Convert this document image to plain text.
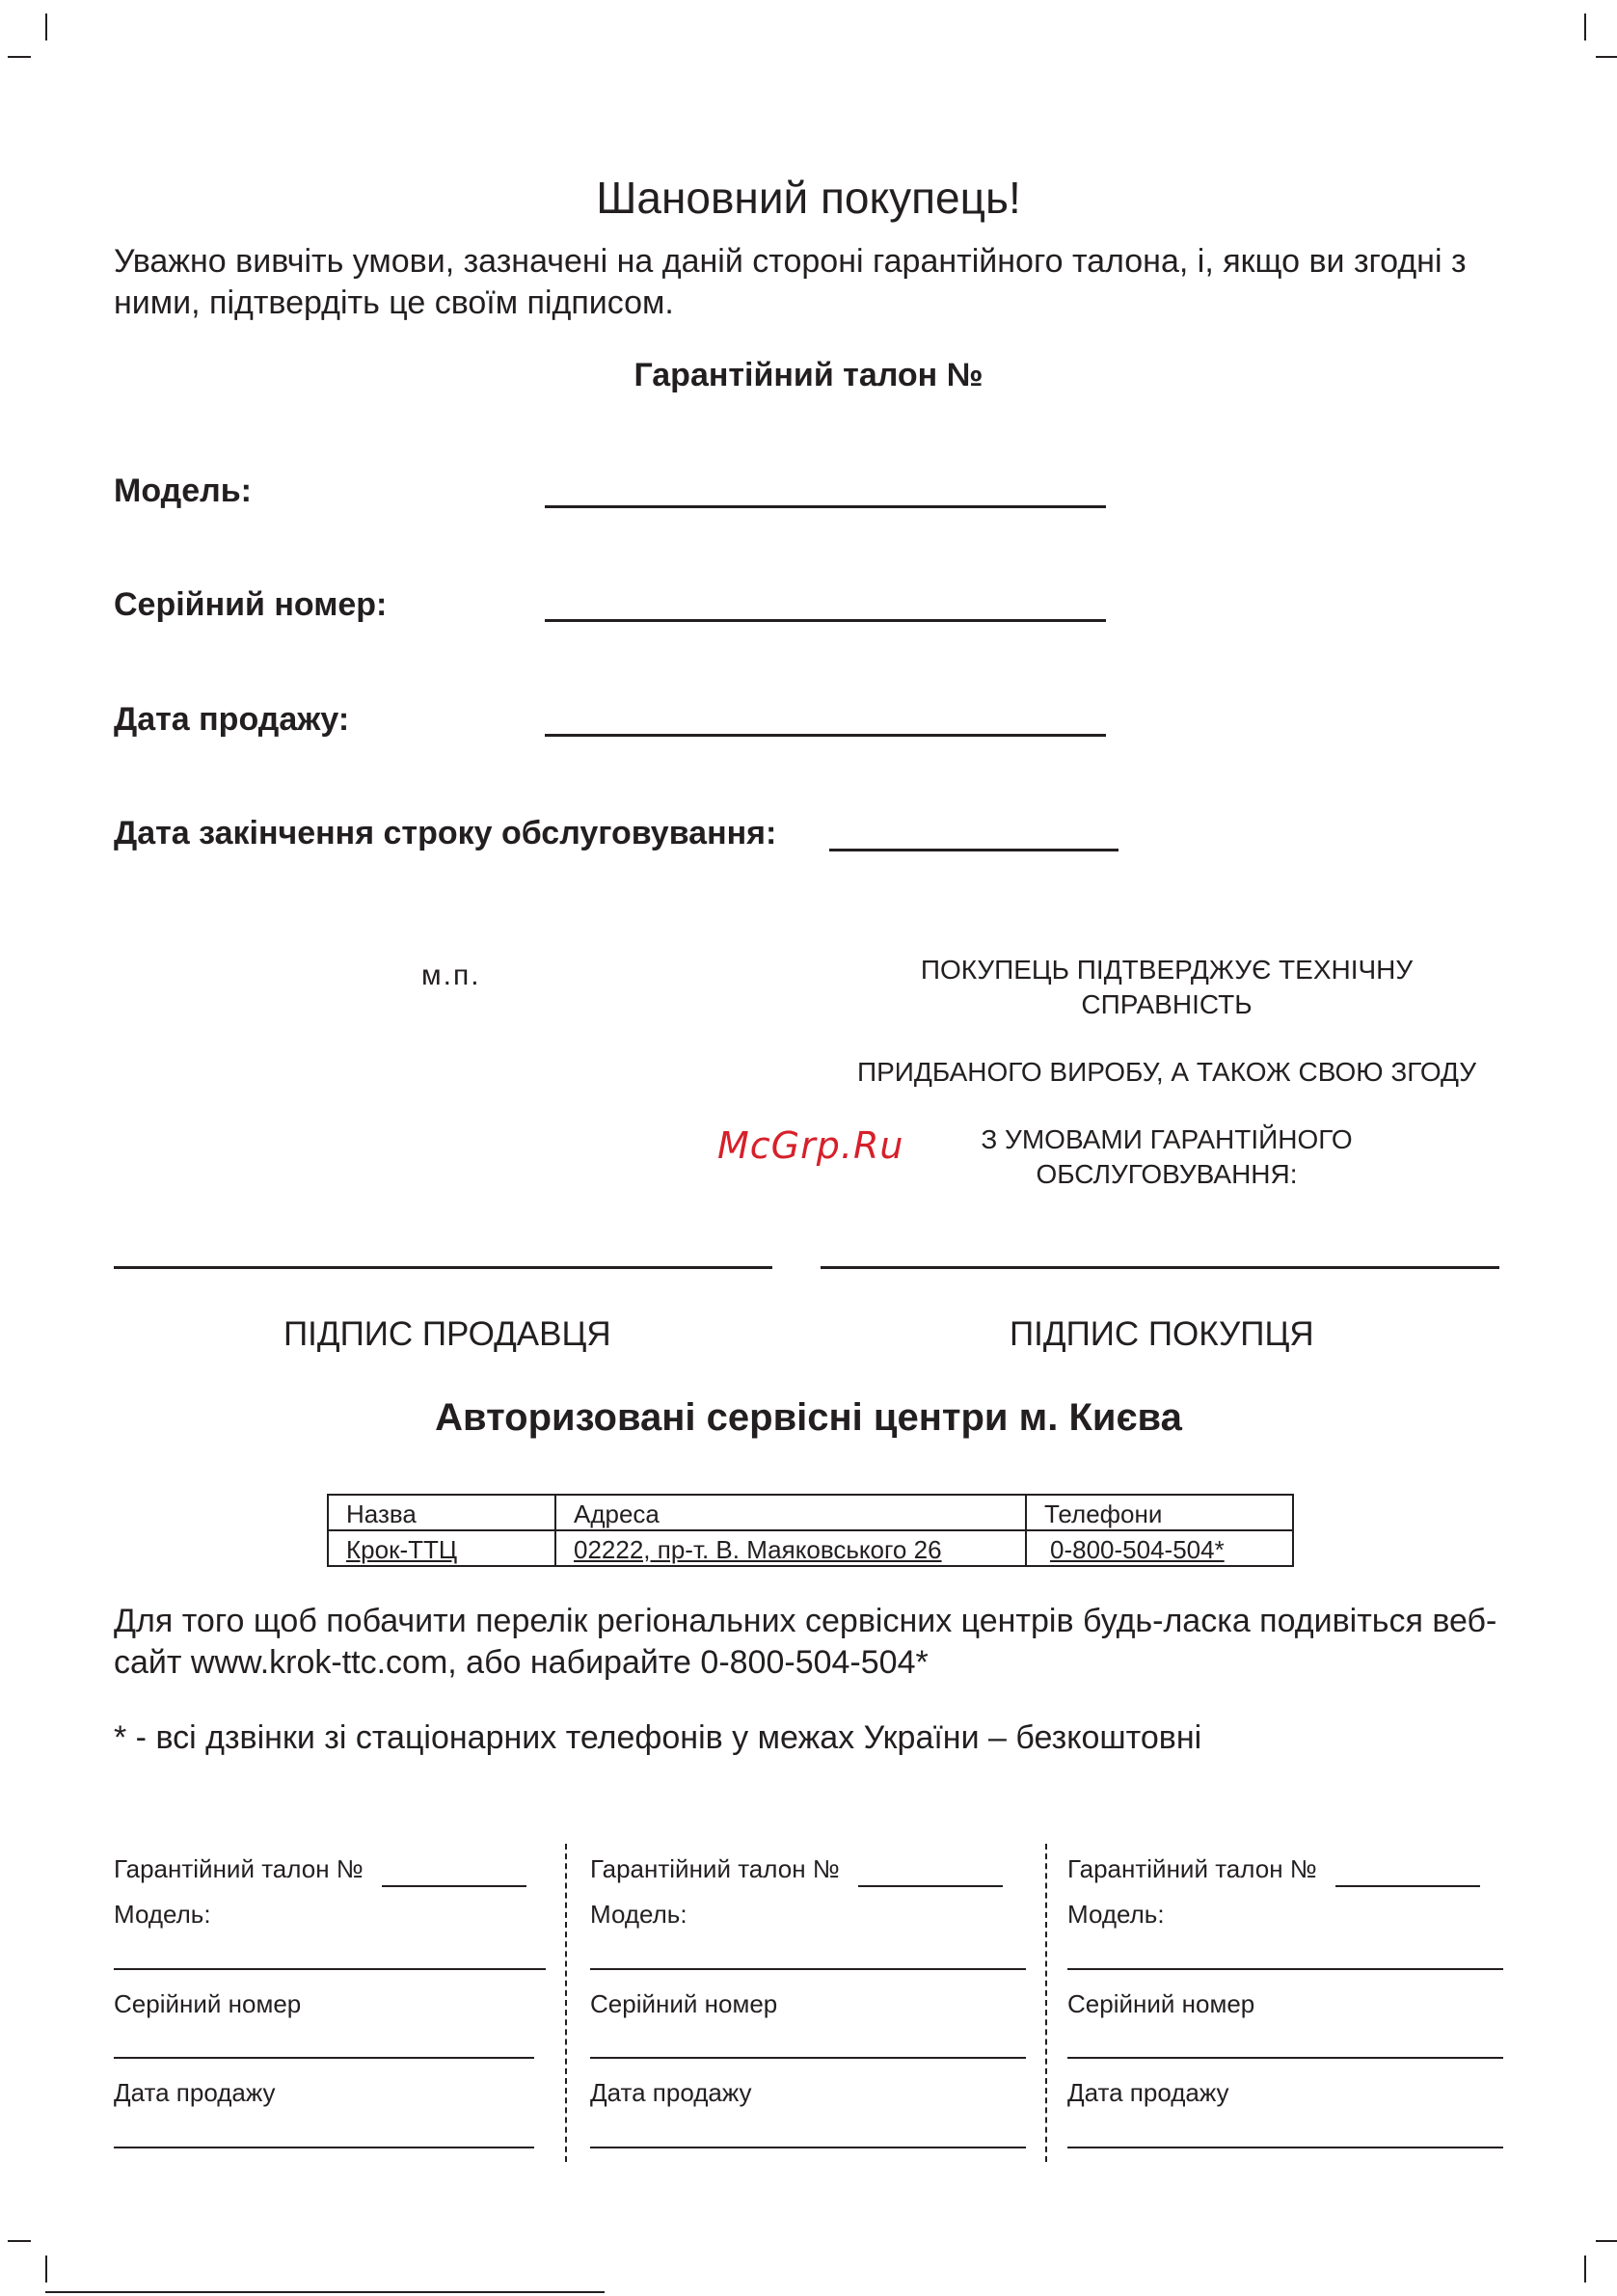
Шановний покупець!
Уважно вивчіть умови, зазначені на даній стороні гарантійного талона, і, якщо ви згодні з ними, підтвердіть це своїм підписом.
Гарантійний талон №
Модель:
Серійний номер:
Дата продажу:
Дата закінчення строку обслуговування:
м.п.	ПОКУПЕЦЬ ПІДТВЕРДЖУЄ ТЕХНІЧНУ
СПРАВНІСТЬ
ПРИДБАНОГО ВИРОБУ, А ТАКОЖ СВОЮ ЗГОДУ
З УМОВАМИ ГАРАНТІЙНОГО
ОБСЛУГОВУВАННЯ:
McGrp.Ru
ПІДПИС ПРОДАВЦЯ	ПІДПИС ПОКУПЦЯ
Авторизовані сервісні центри м. Києва
Назва	Адреса	Телефони
Крок-ТТЦ	02222, пр-т. В. Маяковського 26	0-800-504-504*
Для того щоб побачити перелік регіональних сервісних центрів будь-ласка подивіться веб-сайт www.krok-ttc.com, або набирайте 0-800-504-504*
* - всі дзвінки зі стаціонарних телефонів у межах України – безкоштовні
Гарантійний талон №
Модель:
Серійний номер
Дата продажу
Гарантійний талон №
Модель:
Серійний номер
Дата продажу
Гарантійний талон №
Модель:
Серійний номер
Дата продажу
